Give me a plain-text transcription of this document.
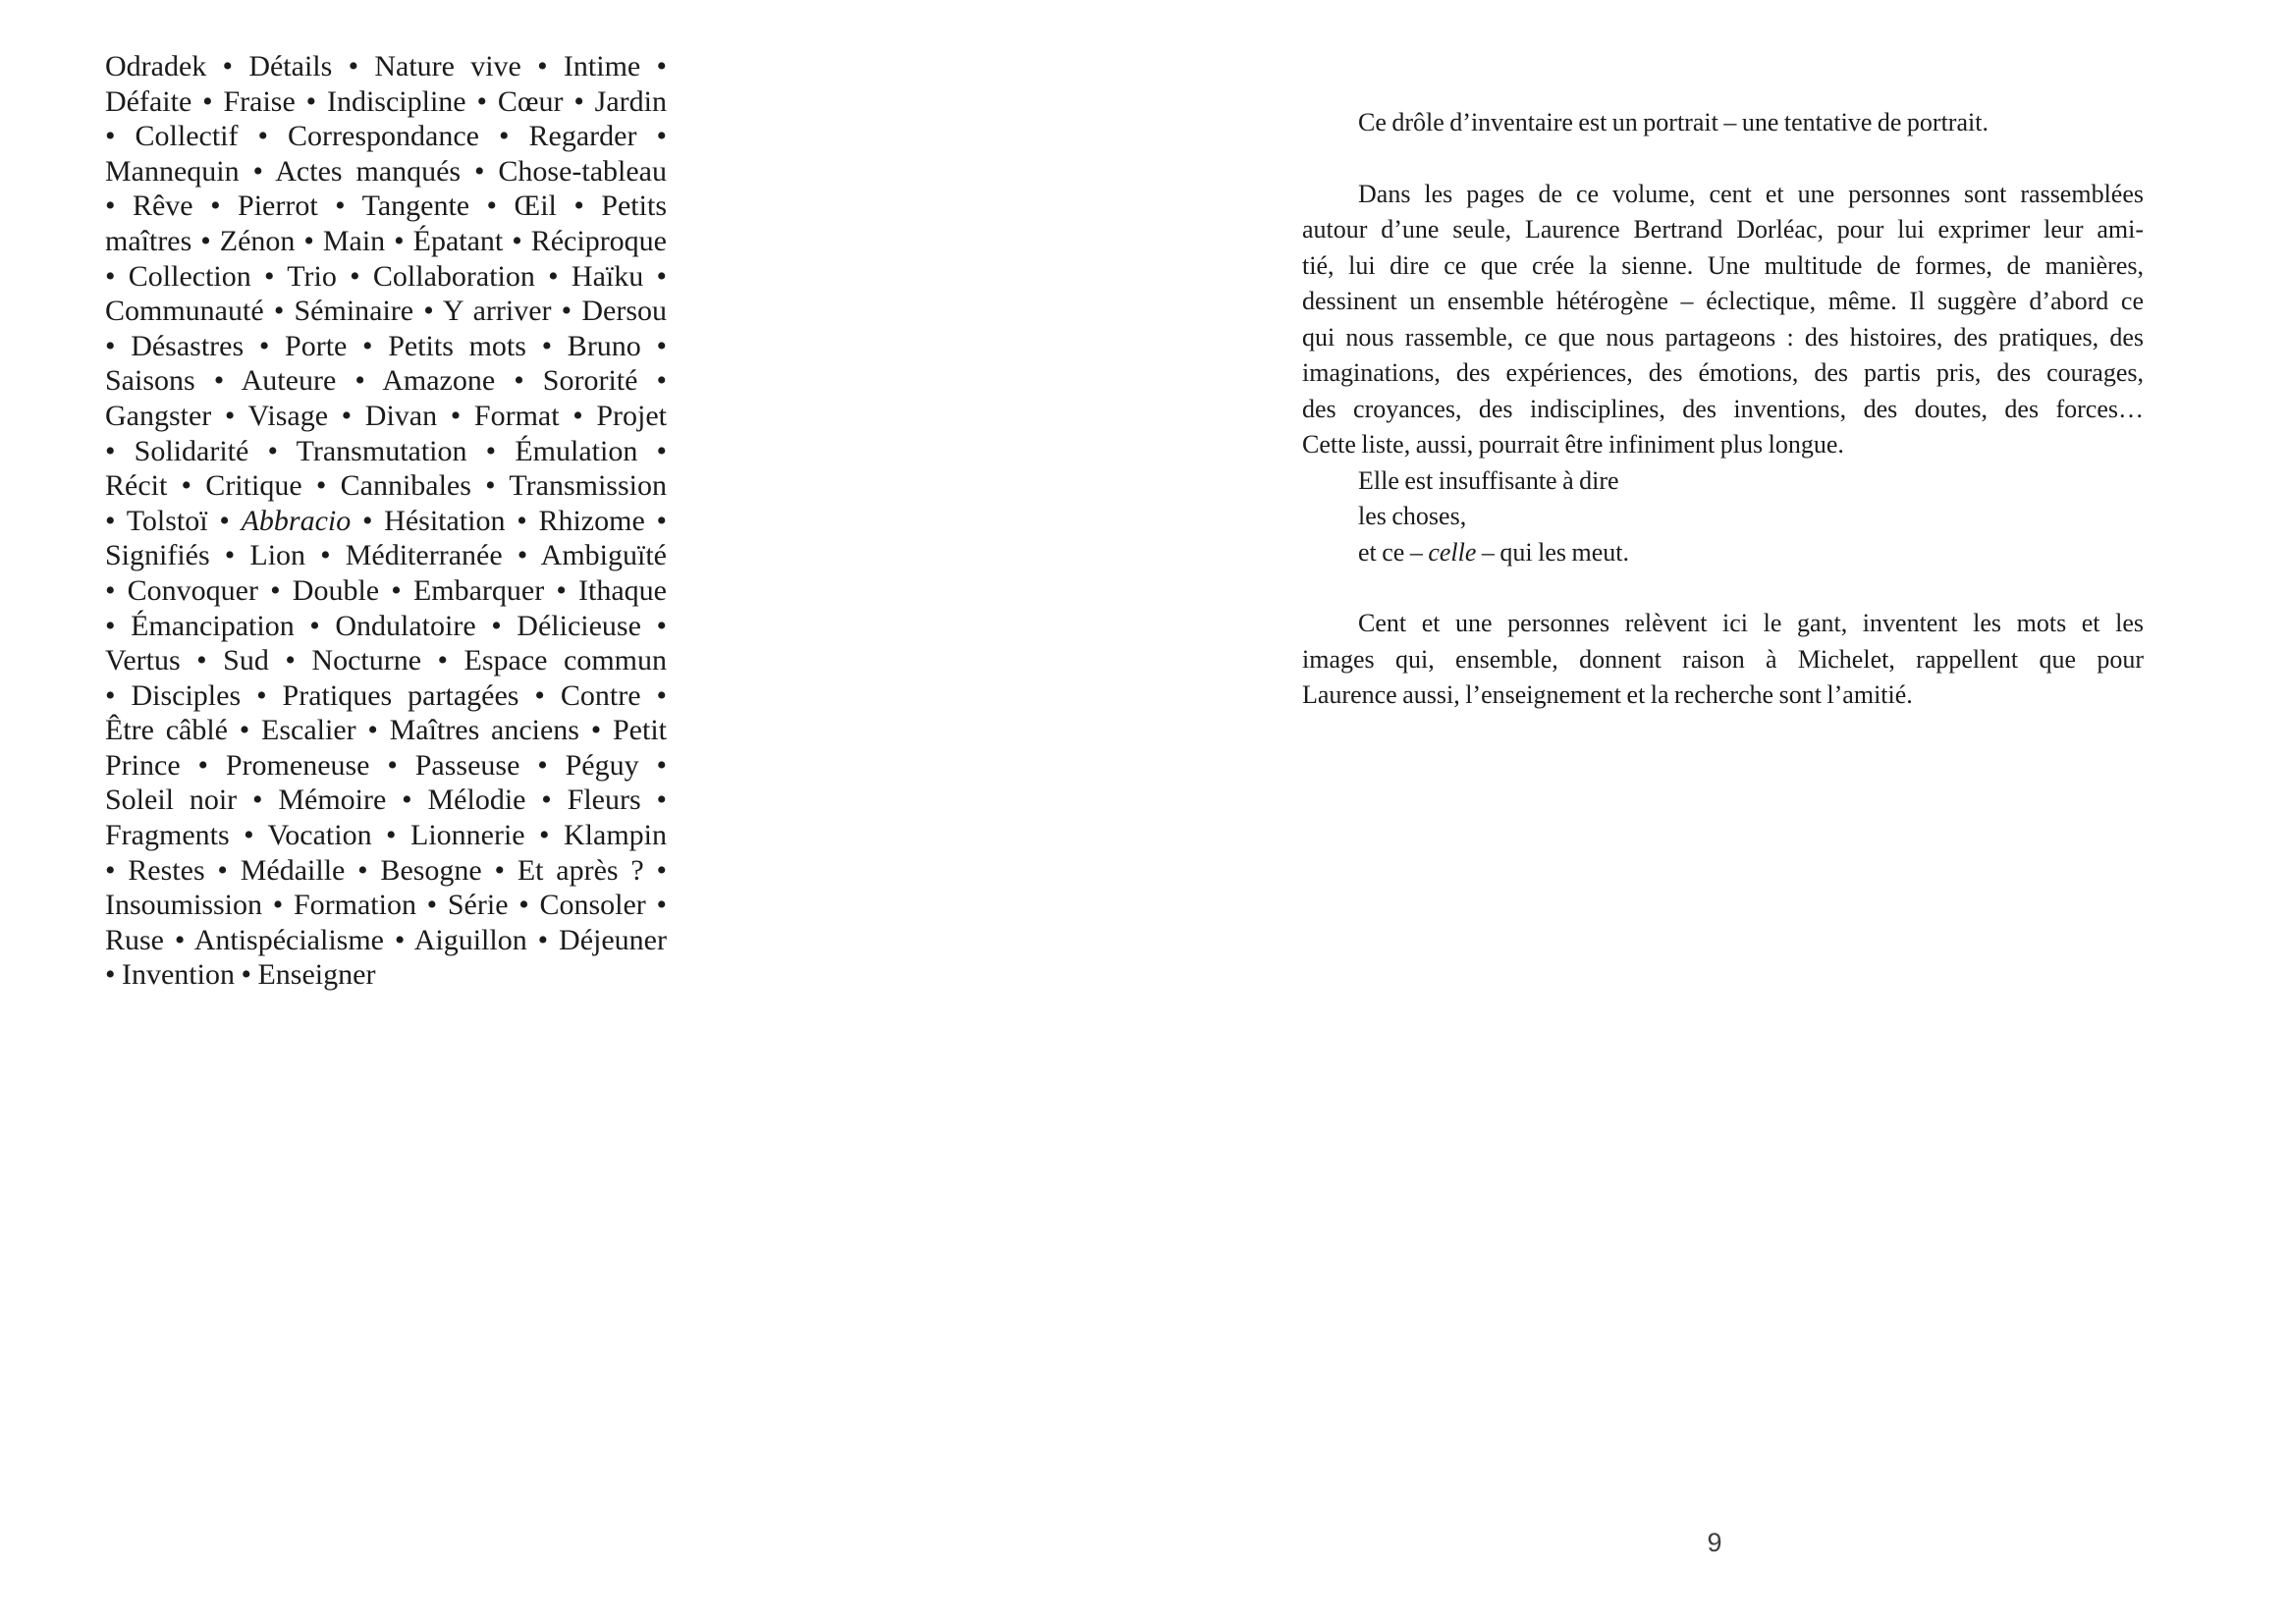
Odradek • Détails • Nature vive • Intime •
Défaite • Fraise • Indiscipline • Cœur • Jardin
• Collectif • Correspondance • Regarder •
Mannequin • Actes manqués • Chose-tableau
• Rêve • Pierrot • Tangente • Œil • Petits
maîtres • Zénon • Main • Épatant • Réciproque
• Collection • Trio • Collaboration • Haïku •
Communauté • Séminaire • Y arriver • Dersou
• Désastres • Porte • Petits mots • Bruno •
Saisons • Auteure • Amazone • Sororité •
Gangster • Visage • Divan • Format • Projet
• Solidarité • Transmutation • Émulation •
Récit • Critique • Cannibales • Transmission
• Tolstoï • Abbracio • Hésitation • Rhizome •
Signifiés • Lion • Méditerranée • Ambiguïté
• Convoquer • Double • Embarquer • Ithaque
• Émancipation • Ondulatoire • Délicieuse •
Vertus • Sud • Nocturne • Espace commun
• Disciples • Pratiques partagées • Contre •
Être câblé • Escalier • Maîtres anciens • Petit
Prince • Promeneuse • Passeuse • Péguy •
Soleil noir • Mémoire • Mélodie • Fleurs •
Fragments • Vocation • Lionnerie • Klampin
• Restes • Médaille • Besogne • Et après ? •
Insoumission • Formation • Série • Consoler •
Ruse • Antispécialisme • Aiguillon • Déjeuner
• Invention • Enseigner
Ce drôle d’inventaire est un portrait – une tentative de portrait.
Dans les pages de ce volume, cent et une personnes sont rassemblées
autour d’une seule, Laurence Bertrand Dorléac, pour lui exprimer leur ami-
tié, lui dire ce que crée la sienne. Une multitude de formes, de manières,
dessinent un ensemble hétérogène – éclectique, même. Il suggère d’abord ce
qui nous rassemble, ce que nous partageons : des histoires, des pratiques, des
imaginations, des expériences, des émotions, des partis pris, des courages,
des croyances, des indisciplines, des inventions, des doutes, des forces…
Cette liste, aussi, pourrait être infiniment plus longue.
Elle est insuffisante à dire
les choses,
et ce – celle – qui les meut.
Cent et une personnes relèvent ici le gant, inventent les mots et les
images qui, ensemble, donnent raison à Michelet, rappellent que pour
Laurence aussi, l’enseignement et la recherche sont l’amitié.
9
